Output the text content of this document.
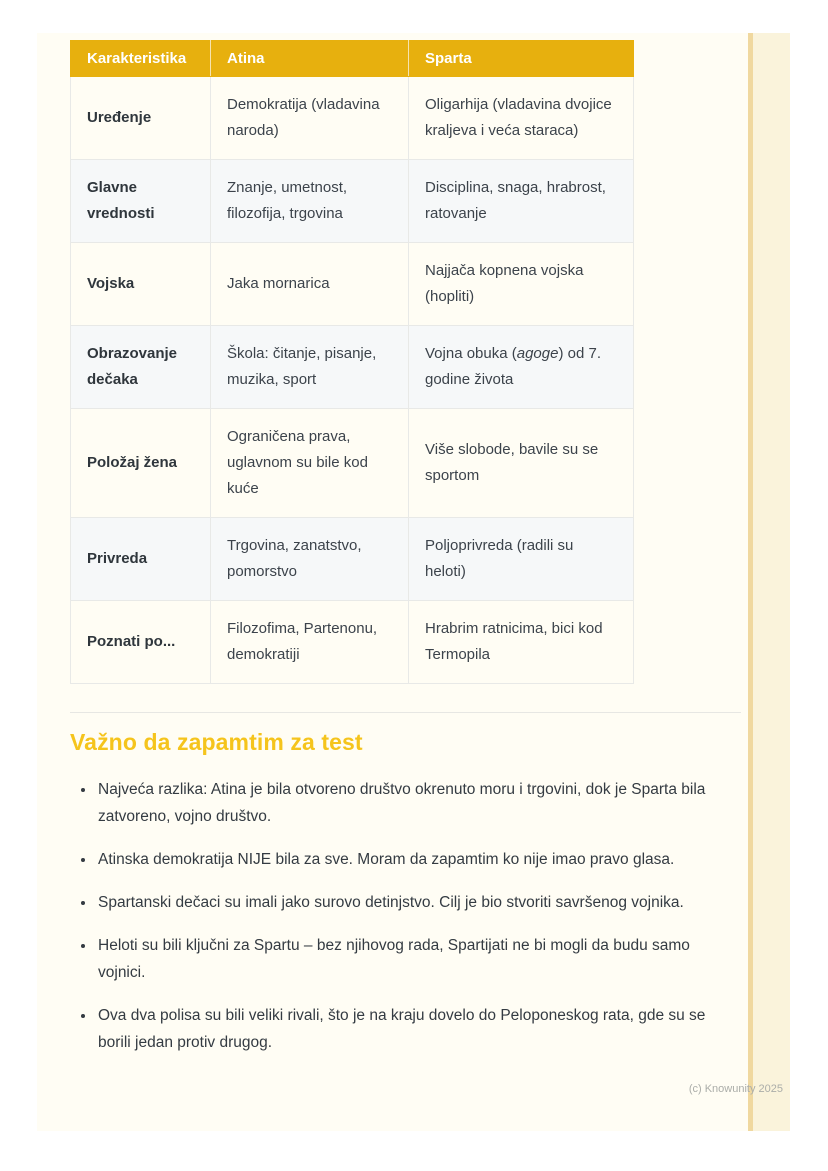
Karakteristika	Atina	Sparta
Uređenje	Demokratija (vladavina naroda)	Oligarhija (vladavina dvojice kraljeva i veća staraca)
Glavne vrednosti	Znanje, umetnost, filozofija, trgovina	Disciplina, snaga, hrabrost, ratovanje
Vojska	Jaka mornarica	Najjača kopnena vojska (hopliti)
Obrazovanje dečaka	Škola: čitanje, pisanje, muzika, sport	Vojna obuka (agoge) od 7. godine života
Položaj žena	Ograničena prava, uglavnom su bile kod kuće	Više slobode, bavile su se sportom
Privreda	Trgovina, zanatstvo, pomorstvo	Poljoprivreda (radili su heloti)
Poznati po...	Filozofima, Partenonu, demokratiji	Hrabrim ratnicima, bici kod Termopila
Važno da zapamtim za test
• Najveća razlika: Atina je bila otvoreno društvo okrenuto moru i trgovini, dok je Sparta bila zatvoreno, vojno društvo.
• Atinska demokratija NIJE bila za sve. Moram da zapamtim ko nije imao pravo glasa.
• Spartanski dečaci su imali jako surovo detinjstvo. Cilj je bio stvoriti savršenog vojnika.
• Heloti su bili ključni za Spartu – bez njihovog rada, Spartijati ne bi mogli da budu samo vojnici.
• Ova dva polisa su bili veliki rivali, što je na kraju dovelo do Peloponeskog rata, gde su se borili jedan protiv drugog.
(c) Knowunity 2025
